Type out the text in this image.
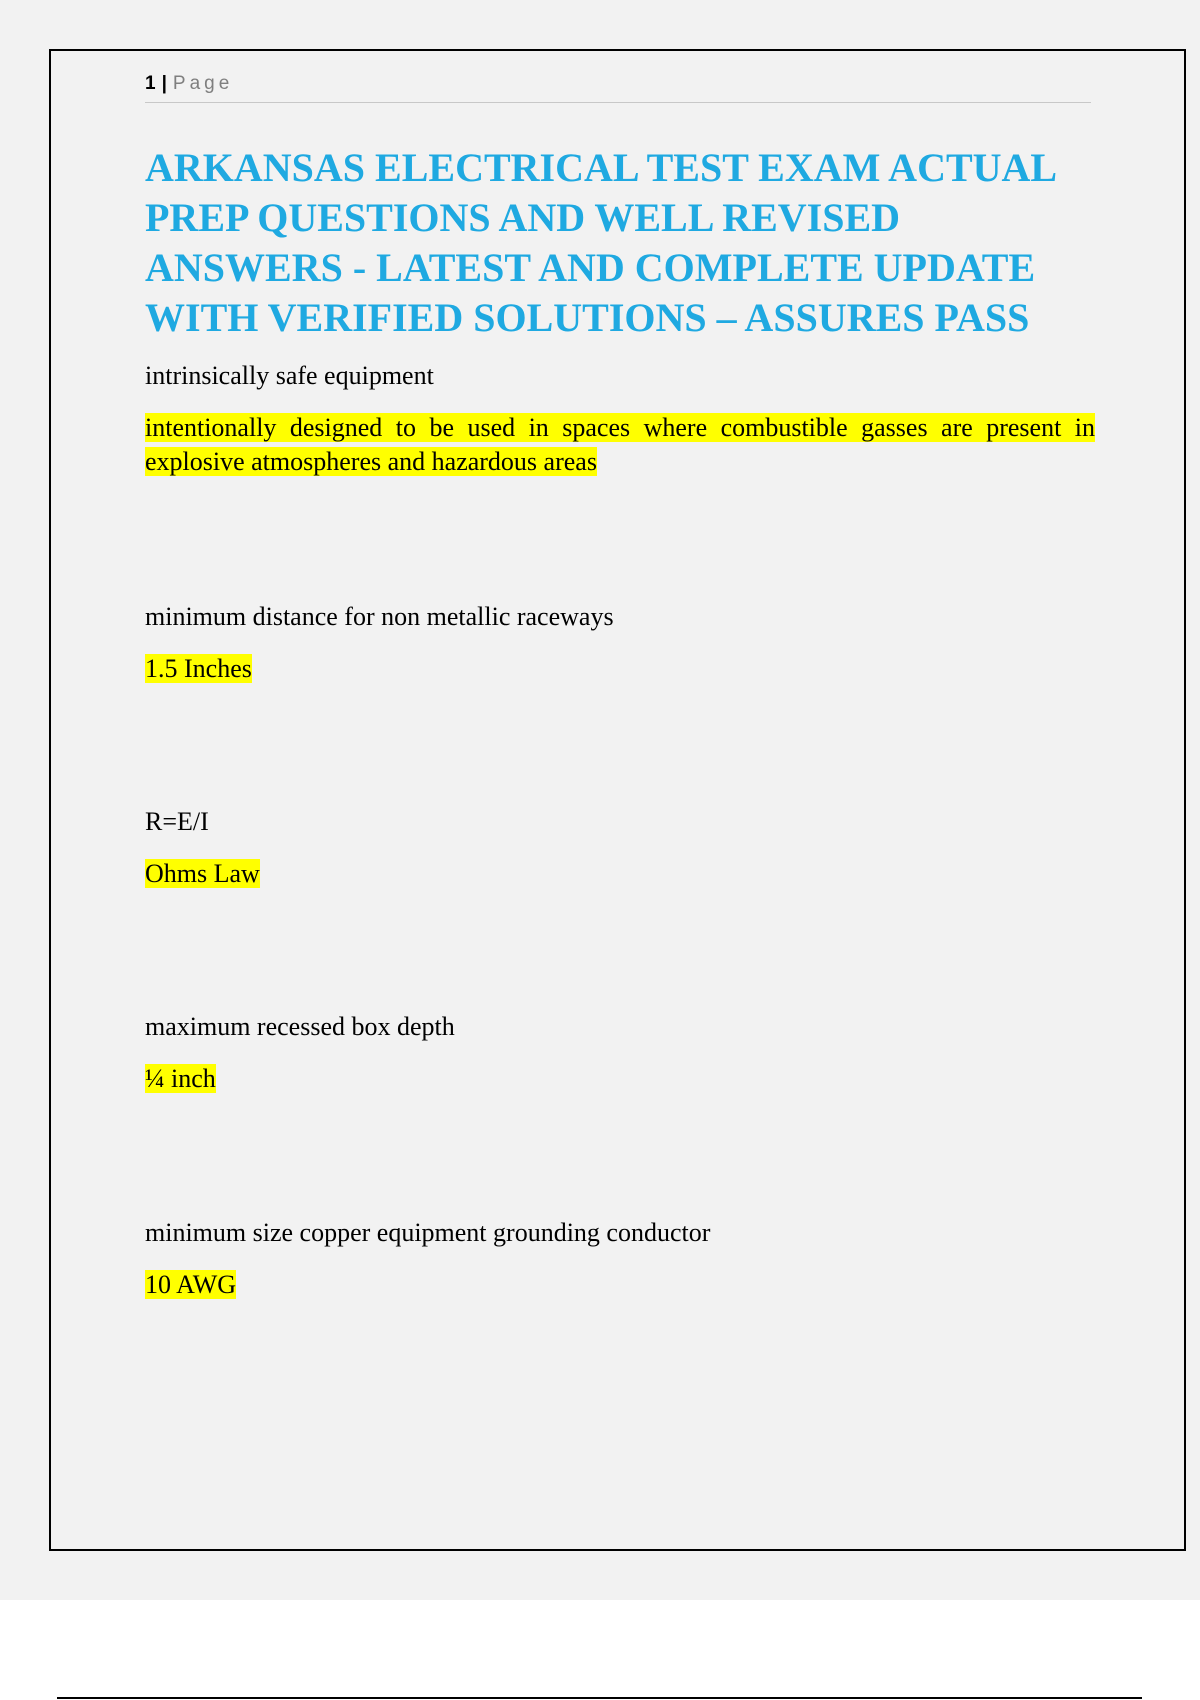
1 | Page
ARKANSAS ELECTRICAL TEST EXAM ACTUAL PREP QUESTIONS AND WELL REVISED ANSWERS - LATEST AND COMPLETE UPDATE WITH VERIFIED SOLUTIONS – ASSURES PASS
intrinsically safe equipment
intentionally designed to be used in spaces where combustible gasses are present in explosive atmospheres and hazardous areas
minimum distance for non metallic raceways
1.5 Inches
R=E/I
Ohms Law
maximum recessed box depth
¼ inch
minimum size copper equipment grounding conductor
10 AWG
